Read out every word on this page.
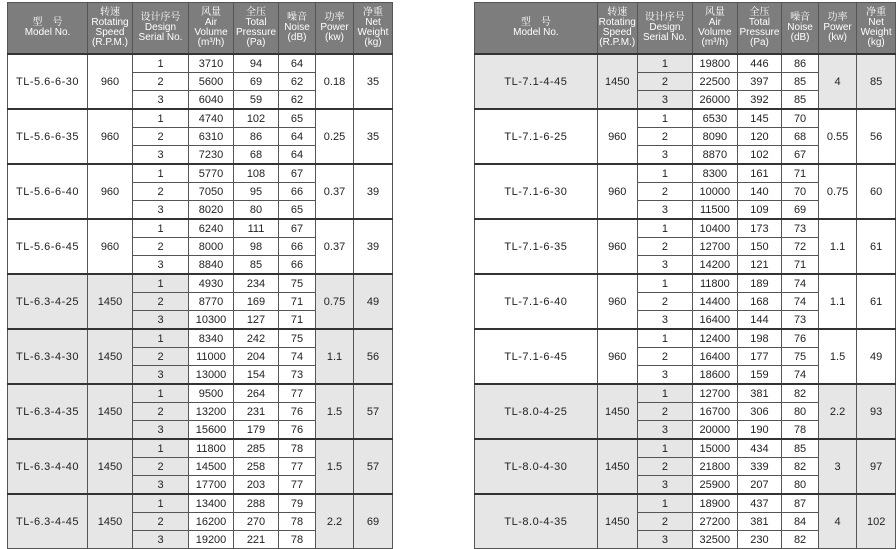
型　号
Model No.	转速
Rotating
Speed
(R.P.M.)	设计序号
Design
Serial No.	风量
Air
Volume
(m³/h)	全压
Total
Pressure
(Pa)	噪音
Noise
(dB)	功率
Power
(kw)	净重
Net
Weight
(kg)

TL-5.6-6-30	960	1	3710	94	64	0.18	35
		2	5600	69	62		
		3	6040	59	62		
TL-5.6-6-35	960	1	4740	102	65	0.25	35
		2	6310	86	64		
		3	7230	68	64		
TL-5.6-6-40	960	1	5770	108	67	0.37	39
		2	7050	95	66		
		3	8020	80	65		
TL-5.6-6-45	960	1	6240	111	67	0.37	39
		2	8000	98	66		
		3	8840	85	66		
TL-6.3-4-25	1450	1	4930	234	75	0.75	49
		2	8770	169	71		
		3	10300	127	71		
TL-6.3-4-30	1450	1	8340	242	75	1.1	56
		2	11000	204	74		
		3	13000	154	73		
TL-6.3-4-35	1450	1	9500	264	77	1.5	57
		2	13200	231	76		
		3	15600	179	76		
TL-6.3-4-40	1450	1	11800	285	78	1.5	57
		2	14500	258	77		
		3	17700	203	77		
TL-6.3-4-45	1450	1	13400	288	79	2.2	69
		2	16200	270	78		
		3	19200	221	78		
型　号
Model No.	转速
Rotating
Speed
(R.P.M.)	设计序号
Design
Serial No.	风量
Air
Volume
(m³/h)	全压
Total
Pressure
(Pa)	噪音
Noise
(dB)	功率
Power
(kw)	净重
Net
Weight
(kg)

TL-7.1-4-45	1450	1	19800	446	86	4	85
		2	22500	397	85		
		3	26000	392	85		
TL-7.1-6-25	960	1	6530	145	70	0.55	56
		2	8090	120	68		
		3	8870	102	67		
TL-7.1-6-30	960	1	8300	161	71	0.75	60
		2	10000	140	70		
		3	11500	109	69		
TL-7.1-6-35	960	1	10400	173	73	1.1	61
		2	12700	150	72		
		3	14200	121	71		
TL-7.1-6-40	960	1	11800	189	74	1.1	61
		2	14400	168	74		
		3	16400	144	73		
TL-7.1-6-45	960	1	12400	198	76	1.5	49
		2	16400	177	75		
		3	18600	159	74		
TL-8.0-4-25	1450	1	12700	381	82	2.2	93
		2	16700	306	80		
		3	20000	190	78		
TL-8.0-4-30	1450	1	15000	434	85	3	97
		2	21800	339	82		
		3	25900	207	80		
TL-8.0-4-35	1450	1	18900	437	87	4	102
		2	27200	381	84		
		3	32500	230	82		
